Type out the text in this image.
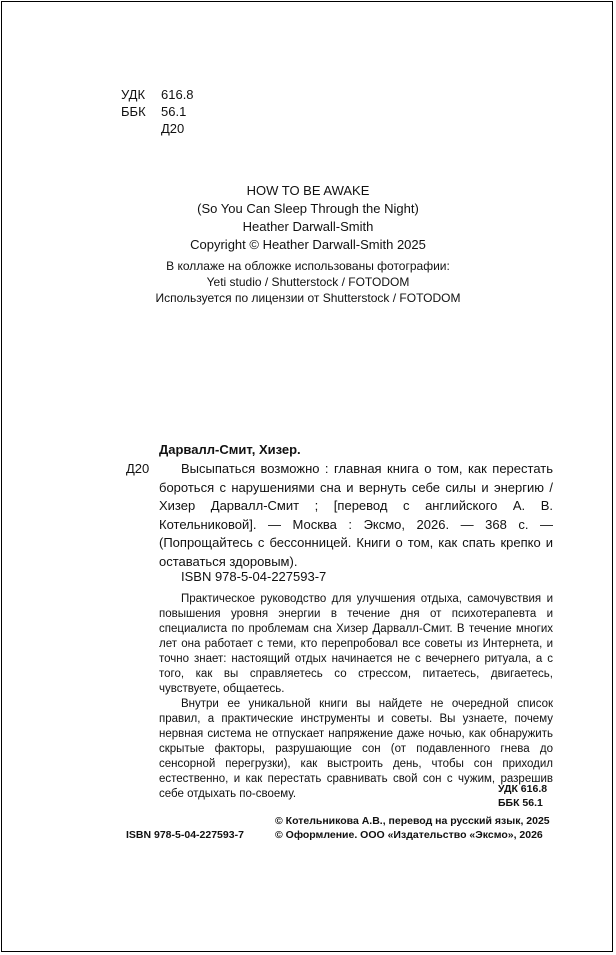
УДК	616.8
ББК	56.1
Д20
HOW TO BE AWAKE
(So You Can Sleep Through the Night)
Heather Darwall-Smith
Copyright © Heather Darwall-Smith 2025
В коллаже на обложке использованы фотографии:
Yeti studio / Shutterstock / FOTODOM
Используется по лицензии от Shutterstock / FOTODOM
Дарвалл-Смит, Хизер.
Д20	Высыпаться возможно : главная книга о том, как перестать бороться с нарушениями сна и вернуть себе силы и энергию / Хизер Дарвалл-Смит ; [перевод с английского А. В. Котельниковой]. — Москва : Эксмо, 2026. — 368 с. — (Попрощайтесь с бессонницей. Книги о том, как спать крепко и оставаться здоровым).

ISBN 978-5-04-227593-7

Практическое руководство для улучшения отдыха, самочувствия и повышения уровня энергии в течение дня от психотерапевта и специалиста по проблемам сна Хизер Дарвалл-Смит. В течение многих лет она работает с теми, кто перепробовал все советы из Интернета, и точно знает: настоящий отдых начинается не с вечернего ритуала, а с того, как вы справляетесь со стрессом, питаетесь, двигаетесь, чувствуете, общаетесь.

Внутри ее уникальной книги вы найдете не очередной список правил, а практические инструменты и советы. Вы узнаете, почему нервная система не отпускает напряжение даже ночью, как обнаружить скрытые факторы, разрушающие сон (от подавленного гнева до сенсорной перегрузки), как выстроить день, чтобы сон приходил естественно, и как перестать сравнивать свой сон с чужим, разрешив себе отдыхать по-своему.	УДК 616.8
ББК 56.1
ISBN 978-5-04-227593-7
© Котельникова А.В., перевод на русский язык, 2025
© Оформление. ООО «Издательство «Эксмо», 2026
